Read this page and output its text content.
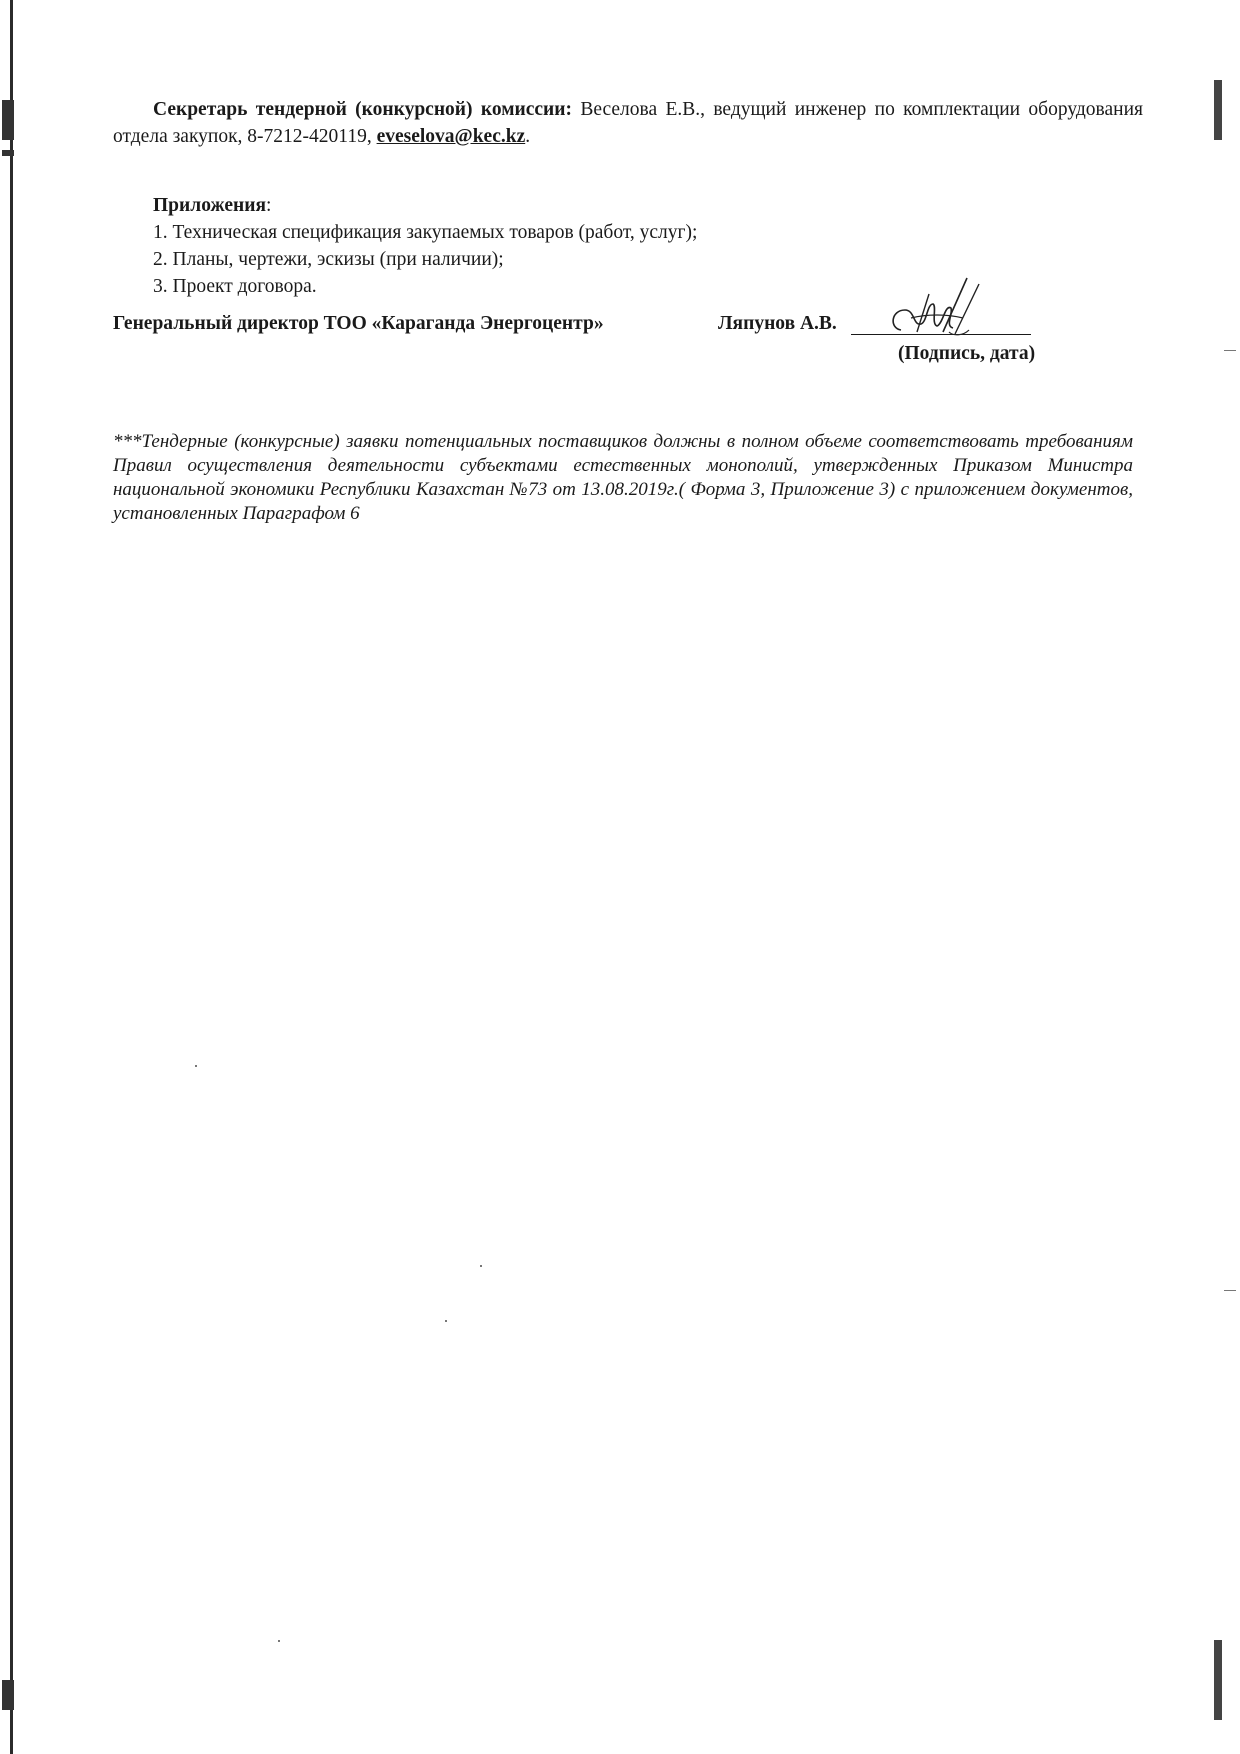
Секретарь тендерной (конкурсной) комиссии: Веселова Е.В., ведущий инженер по комплектации оборудования отдела закупок, 8-7212-420119, eveselova@kec.kz.

Приложения:
1. Техническая спецификация закупаемых товаров (работ, услуг);
2. Планы, чертежи, эскизы (при наличии);
3. Проект договора.
Генеральный директор ТОО «Караганда Энергоцентр»	Ляпунов А.В.
(Подпись, дата)

***Тендерные (конкурсные) заявки потенциальных поставщиков должны в полном объеме соответствовать требованиям Правил осуществления деятельности субъектами естественных монополий, утвержденных Приказом Министра национальной экономики Республики Казахстан №73 от 13.08.2019г.( Форма 3, Приложение 3) с приложением документов, установленных Параграфом 6
